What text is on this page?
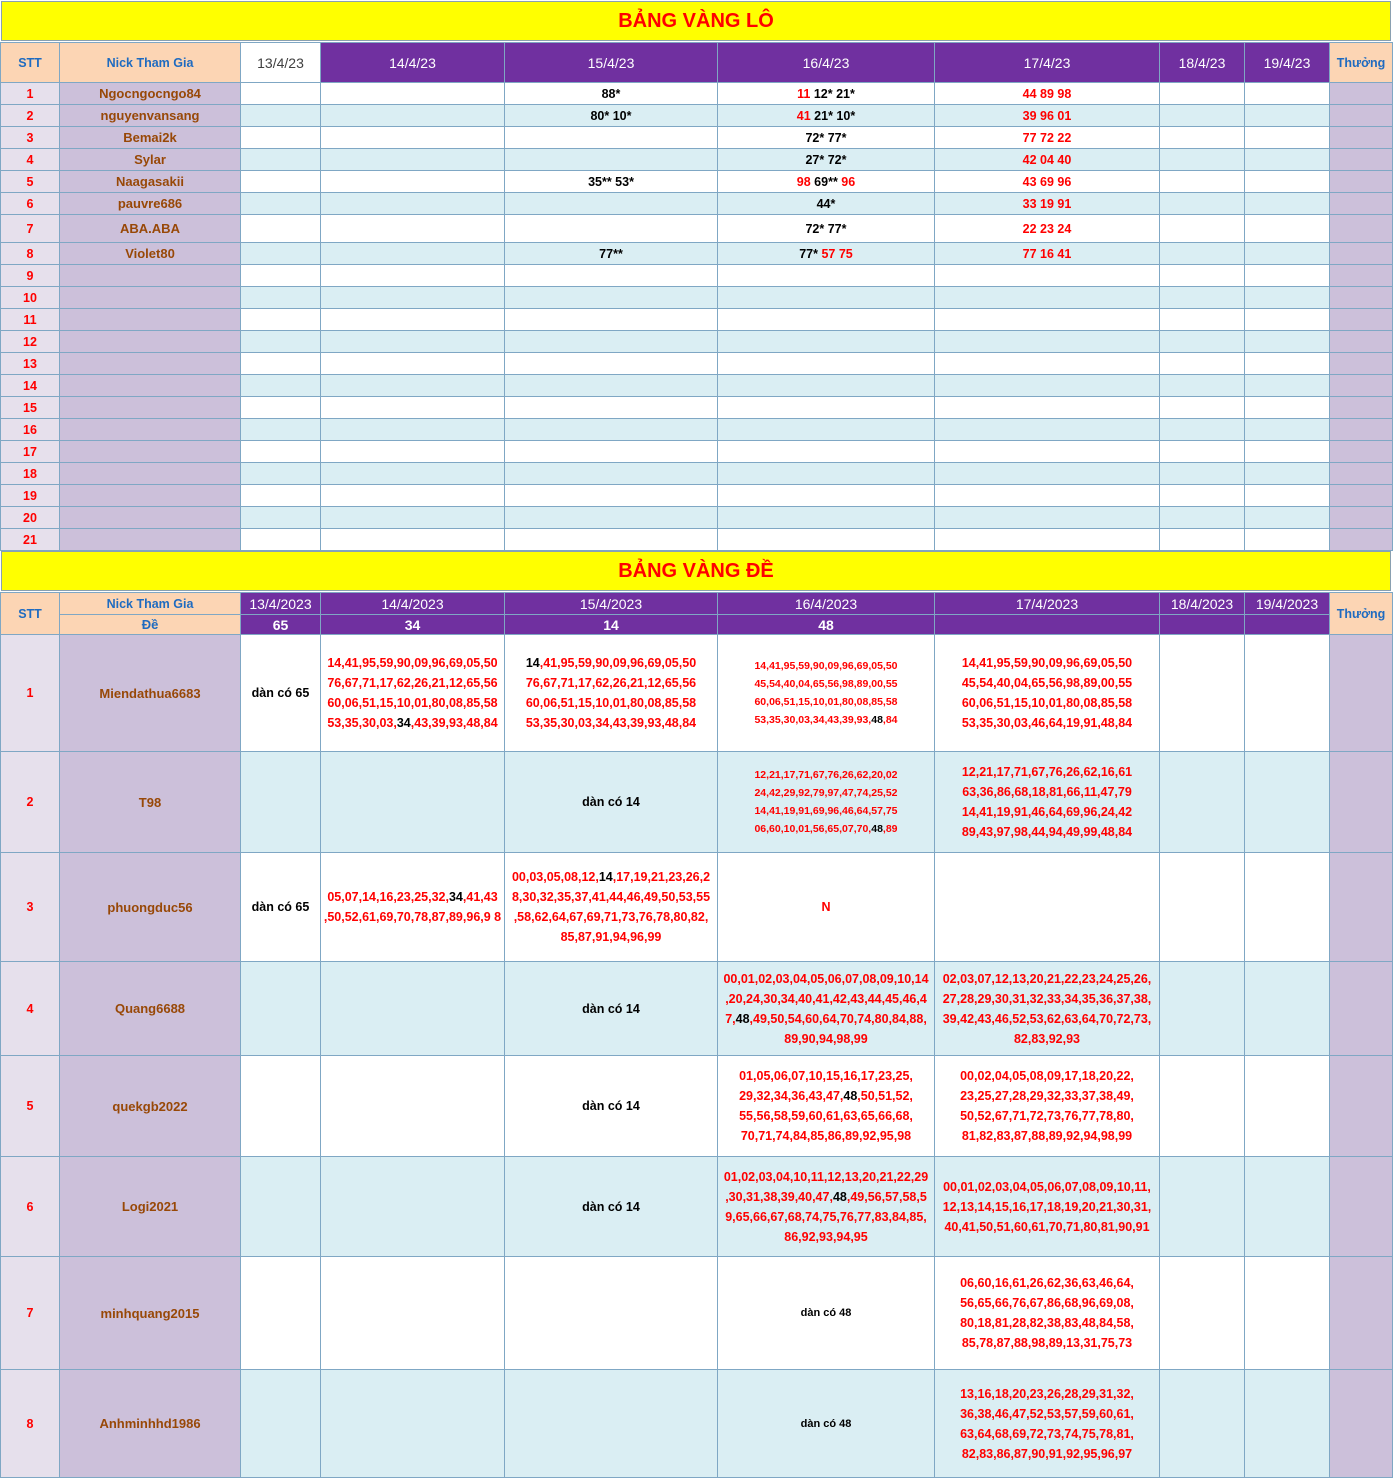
BẢNG VÀNG LÔ
STT	Nick Tham Gia	13/4/23	14/4/23	15/4/23	16/4/23	17/4/23	18/4/23	19/4/23	Thưởng
1	Ngocngocngo84			88*	11 12* 21*	44 89 98			
2	nguyenvansang			80* 10*	41 21* 10*	39 96 01			
3	Bemai2k				72* 77*	77 72 22			
4	Sylar				27* 72*	42 04 40			
5	Naagasakii			35** 53*	98 69** 96	43 69 96			
6	pauvre686				44*	33 19 91			
7	ABA.ABA				72* 77*	22 23 24			
8	Violet80			77**	77* 57 75	77 16 41			
9									
10									
11									
12									
13									
14									
15									
16									
17									
18									
19									
20									
21									
BẢNG VÀNG ĐỀ
STT	Nick Tham Gia	13/4/2023	14/4/2023	15/4/2023	16/4/2023	17/4/2023	18/4/2023	19/4/2023	Thưởng
	Đề	65	34	14	48				
1	Miendathua6683	dàn có 65	14,41,95,59,90,09,96,69,05,50 76,67,71,17,62,26,21,12,65,56 60,06,51,15,10,01,80,08,85,58 53,35,30,03,34,43,39,93,48,84	14,41,95,59,90,09,96,69,05,50 76,67,71,17,62,26,21,12,65,56 60,06,51,15,10,01,80,08,85,58 53,35,30,03,34,43,39,93,48,84	14,41,95,59,90,09,96,69,05,50 45,54,40,04,65,56,98,89,00,55 60,06,51,15,10,01,80,08,85,58 53,35,30,03,34,43,39,93,48,84	14,41,95,59,90,09,96,69,05,50 45,54,40,04,65,56,98,89,00,55 60,06,51,15,10,01,80,08,85,58 53,35,30,03,46,64,19,91,48,84			

2	T98			dàn có 14	12,21,17,71,67,76,26,62,20,02 24,42,29,92,79,97,47,74,25,52 14,41,19,91,69,96,46,64,57,75 06,60,10,01,56,65,07,70,48,89	12,21,17,71,67,76,26,62,16,61 63,36,86,68,18,81,66,11,47,79 14,41,19,91,46,64,69,96,24,42 89,43,97,98,44,94,49,99,48,84			

3	phuongduc56	dàn có 65	05,07,14,16,23,25,32,34,41,43 ,50,52,61,69,70,78,87,89,96,9 8	00,03,05,08,12,14,17,19,21,23,26,2 8,30,32,35,37,41,44,46,49,50,53,55 ,58,62,64,67,69,71,73,76,78,80,82, 85,87,91,94,96,99	N				

4	Quang6688			dàn có 14	00,01,02,03,04,05,06,07,08,09,10,14 ,20,24,30,34,40,41,42,43,44,45,46,4 7,48,49,50,54,60,64,70,74,80,84,88, 89,90,94,98,99	02,03,07,12,13,20,21,22,23,24,25,26, 27,28,29,30,31,32,33,34,35,36,37,38, 39,42,43,46,52,53,62,63,64,70,72,73, 82,83,92,93			

5	quekgb2022			dàn có 14	01,05,06,07,10,15,16,17,23,25, 29,32,34,36,43,47,48,50,51,52, 55,56,58,59,60,61,63,65,66,68, 70,71,74,84,85,86,89,92,95,98	00,02,04,05,08,09,17,18,20,22, 23,25,27,28,29,32,33,37,38,49, 50,52,67,71,72,73,76,77,78,80, 81,82,83,87,88,89,92,94,98,99			

6	Logi2021			dàn có 14	01,02,03,04,10,11,12,13,20,21,22,29 ,30,31,38,39,40,47,48,49,56,57,58,5 9,65,66,67,68,74,75,76,77,83,84,85, 86,92,93,94,95	00,01,02,03,04,05,06,07,08,09,10,11, 12,13,14,15,16,17,18,19,20,21,30,31, 40,41,50,51,60,61,70,71,80,81,90,91			

7	minhquang2015				dàn có 48	06,60,16,61,26,62,36,63,46,64, 56,65,66,76,67,86,68,96,69,08, 80,18,81,28,82,38,83,48,84,58, 85,78,87,88,98,89,13,31,75,73			

8	Anhminhhd1986				dàn có 48	13,16,18,20,23,26,28,29,31,32, 36,38,46,47,52,53,57,59,60,61, 63,64,68,69,72,73,74,75,78,81, 82,83,86,87,90,91,92,95,96,97			
